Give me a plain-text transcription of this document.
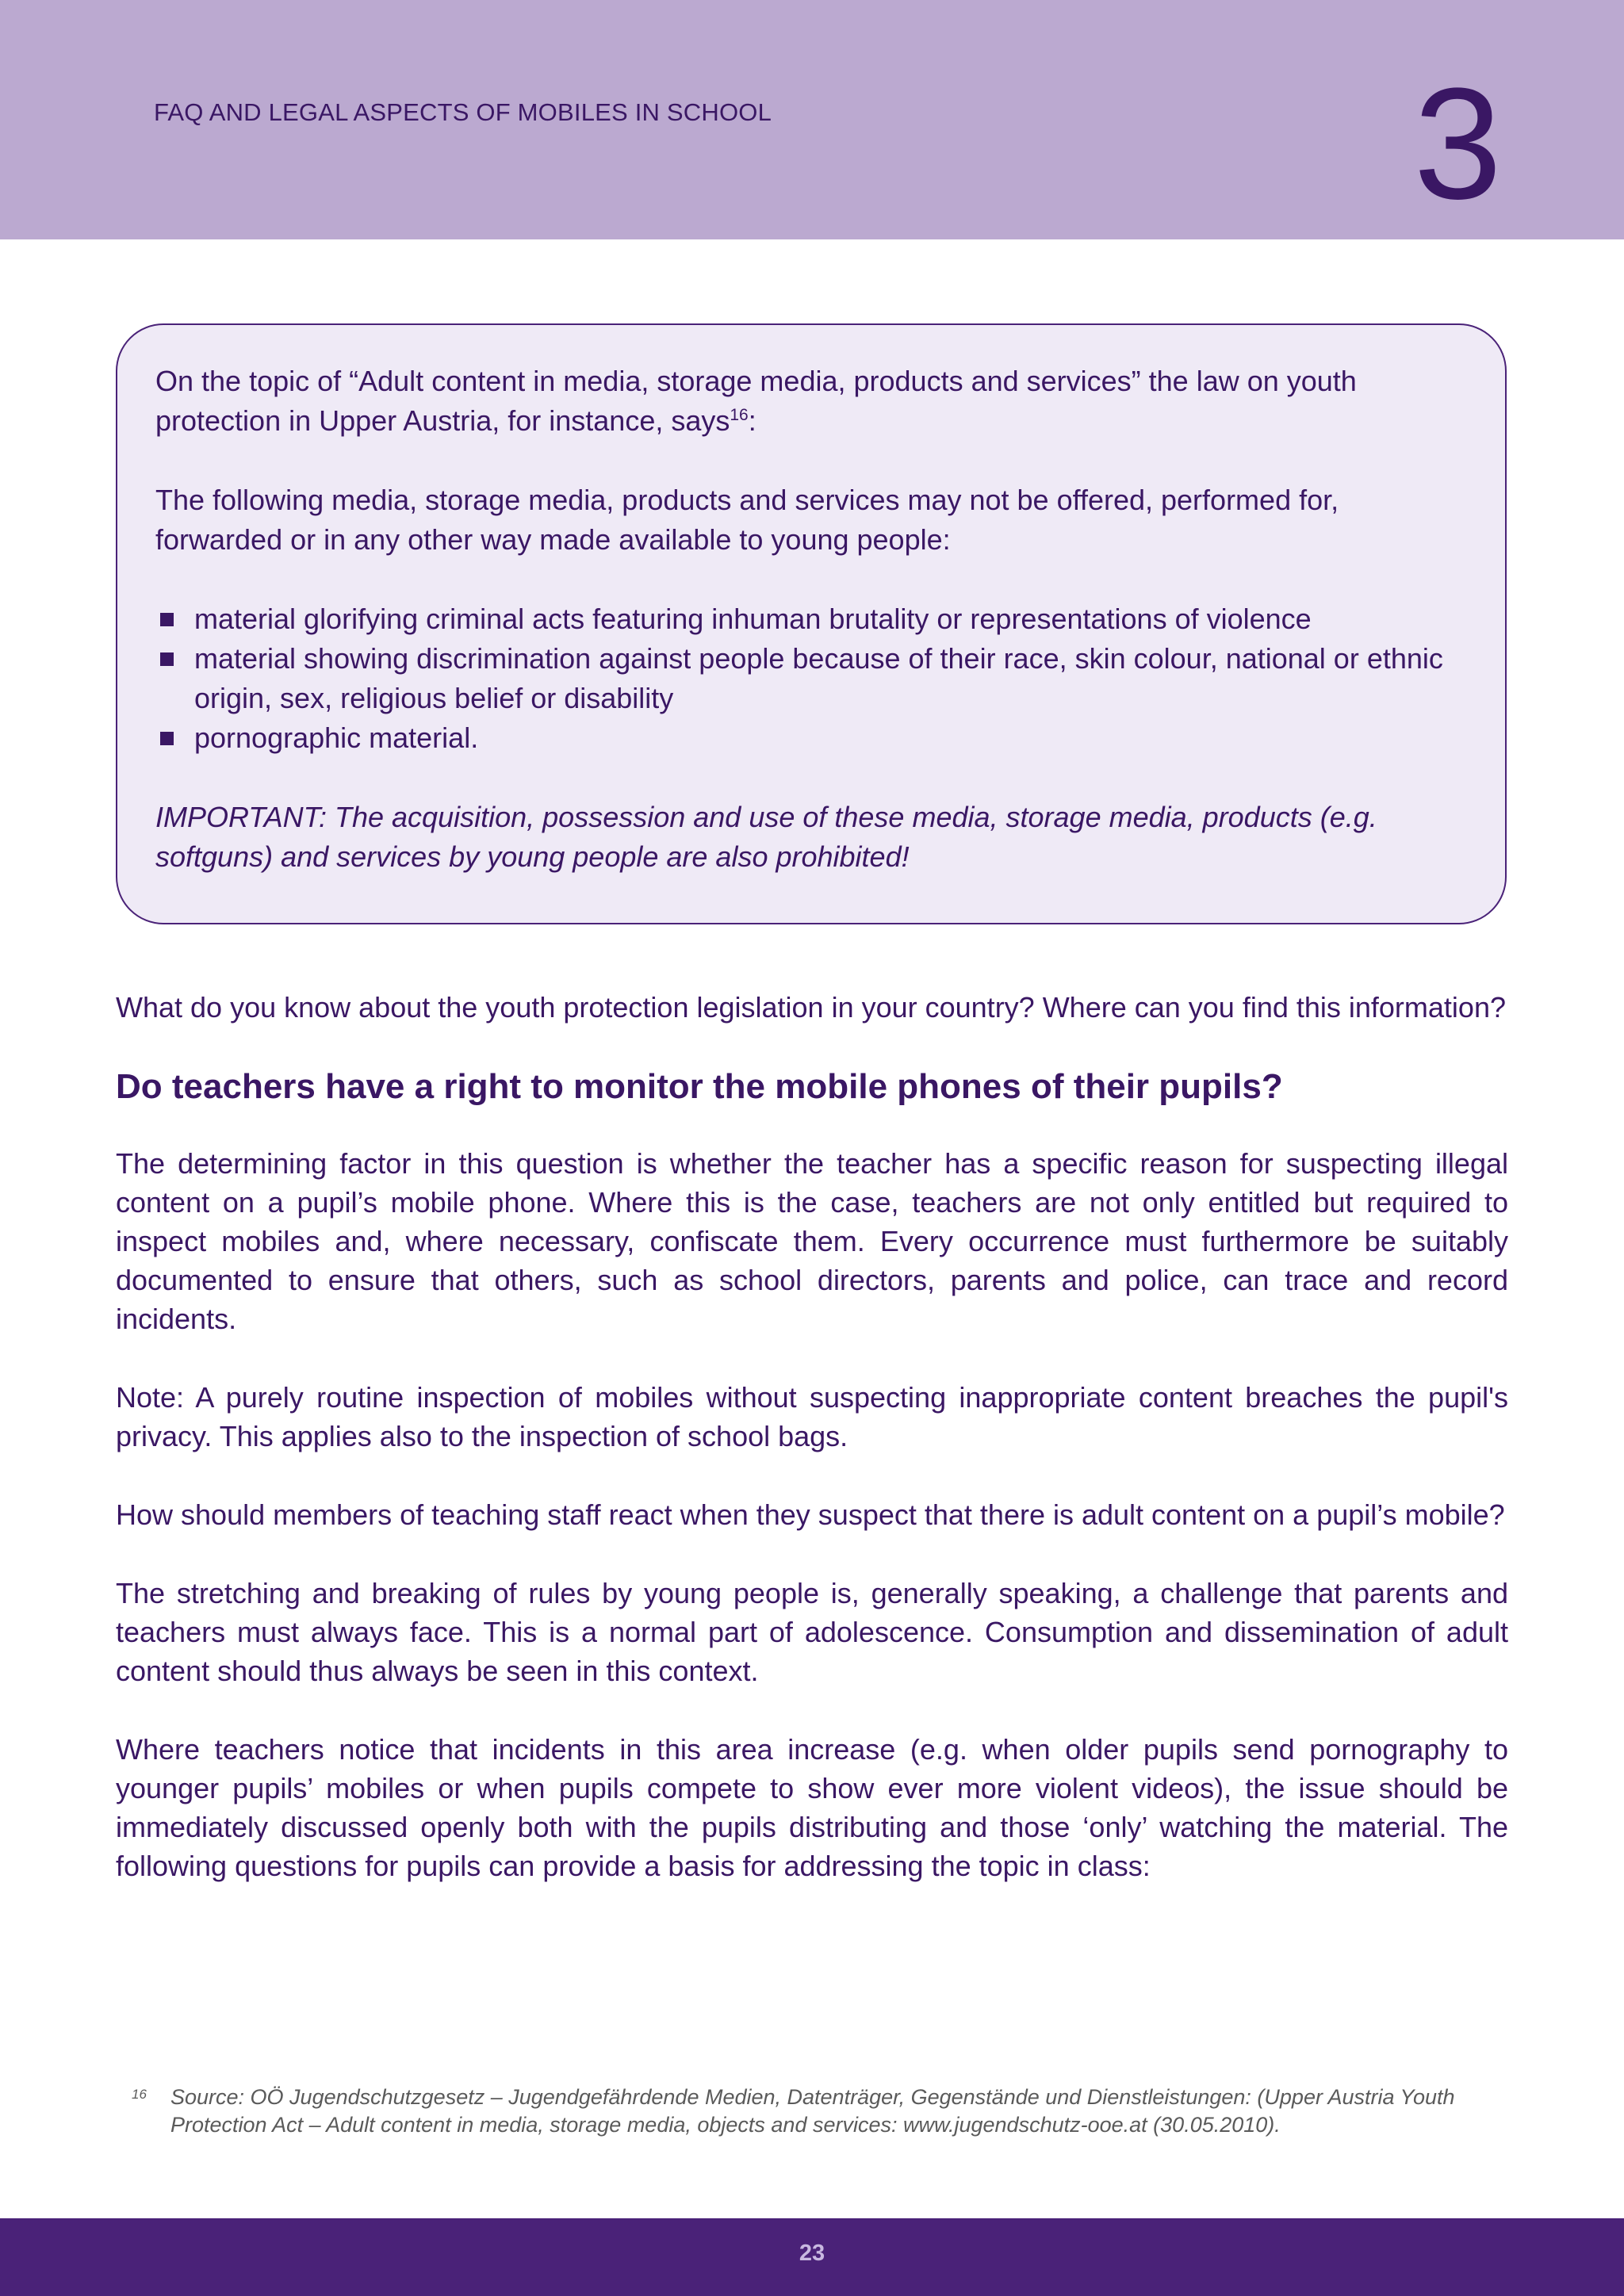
FAQ AND LEGAL ASPECTS OF MOBILES IN SCHOOL	3

On the topic of “Adult content in media, storage media, products and services” the law on youth protection in Upper Austria, for instance, says$^{16}$:

The following media, storage media, products and services may not be offered, performed for, forwarded or in any other way made available to young people:

material glorifying criminal acts featuring inhuman brutality or representations of violence
material showing discrimination against people because of their race, skin colour, national or ethnic origin, sex, religious belief or disability
pornographic material.

IMPORTANT: The acquisition, possession and use of these media, storage media, products (e.g. softguns) and services by young people are also prohibited!

What do you know about the youth protection legislation in your country? Where can you find this information?

Do teachers have a right to monitor the mobile phones of their pupils?

The determining factor in this question is whether the teacher has a specific reason for suspecting illegal content on a pupil’s mobile phone. Where this is the case, teachers are not only entitled but required to inspect mobiles and, where necessary, confiscate them. Every occurrence must furthermore be suitably documented to ensure that others, such as school directors, parents and police, can trace and record incidents.

Note: A purely routine inspection of mobiles without suspecting inappropriate content breaches the pupil's privacy. This applies also to the inspection of school bags.

How should members of teaching staff react when they suspect that there is adult content on a pupil’s mobile?

The stretching and breaking of rules by young people is, generally speaking, a challenge that parents and teachers must always face. This is a normal part of adolescence. Consumption and dissemination of adult content should thus always be seen in this context.

Where teachers notice that incidents in this area increase (e.g. when older pupils send pornography to younger pupils’ mobiles or when pupils compete to show ever more violent videos), the issue should be immediately discussed openly both with the pupils distributing and those ‘only’ watching the material. The following questions for pupils can provide a basis for addressing the topic in class:

16 Source: OÖ Jugendschutzgesetz – Jugendgefährdende Medien, Datenträger, Gegenstände und Dienstleistungen: (Upper Austria Youth Protection Act – Adult content in media, storage media, objects and services: www.jugendschutz-ooe.at (30.05.2010).
23
